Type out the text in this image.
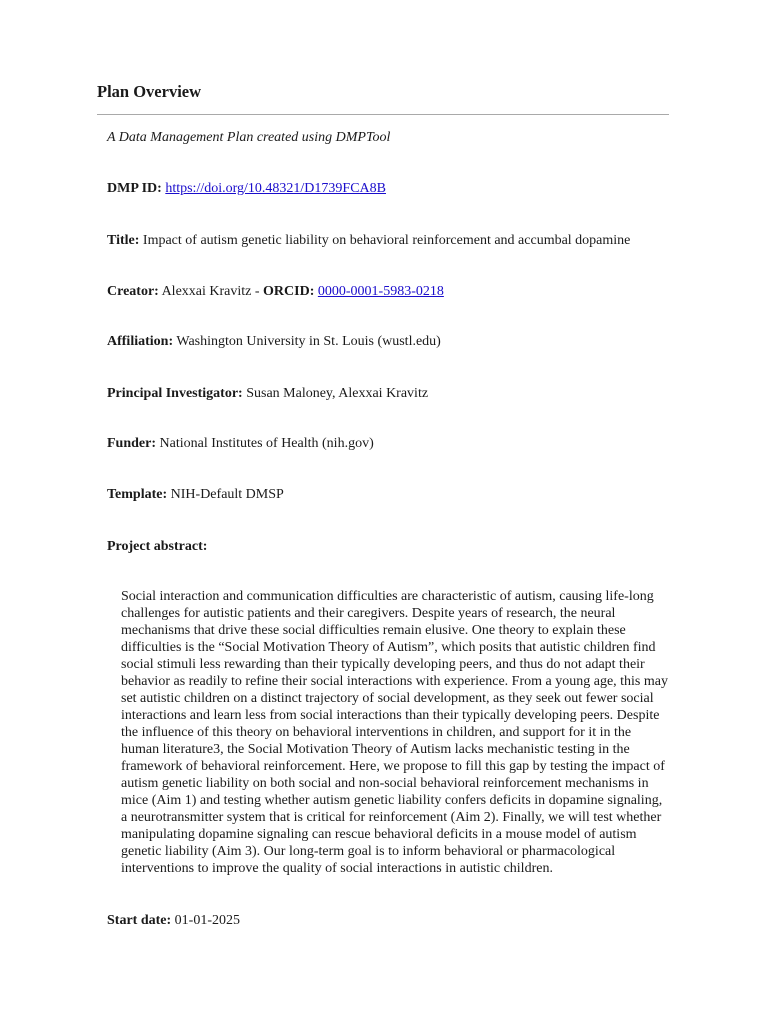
Plan Overview
A Data Management Plan created using DMPTool
DMP ID: https://doi.org/10.48321/D1739FCA8B
Title: Impact of autism genetic liability on behavioral reinforcement and accumbal dopamine
Creator: Alexxai Kravitz - ORCID: 0000-0001-5983-0218
Affiliation: Washington University in St. Louis (wustl.edu)
Principal Investigator: Susan Maloney, Alexxai Kravitz
Funder: National Institutes of Health (nih.gov)
Template: NIH-Default DMSP
Project abstract:

Social interaction and communication difficulties are characteristic of autism, causing life-long challenges for autistic patients and their caregivers. Despite years of research, the neural mechanisms that drive these social difficulties remain elusive. One theory to explain these difficulties is the “Social Motivation Theory of Autism”, which posits that autistic children find social stimuli less rewarding than their typically developing peers, and thus do not adapt their behavior as readily to refine their social interactions with experience. From a young age, this may set autistic children on a distinct trajectory of social development, as they seek out fewer social interactions and learn less from social interactions than their typically developing peers. Despite the influence of this theory on behavioral interventions in children, and support for it in the human literature3, the Social Motivation Theory of Autism lacks mechanistic testing in the framework of behavioral reinforcement. Here, we propose to fill this gap by testing the impact of autism genetic liability on both social and non-social behavioral reinforcement mechanisms in mice (Aim 1) and testing whether autism genetic liability confers deficits in dopamine signaling, a neurotransmitter system that is critical for reinforcement (Aim 2). Finally, we will test whether manipulating dopamine signaling can rescue behavioral deficits in a mouse model of autism genetic liability (Aim 3). Our long-term goal is to inform behavioral or pharmacological interventions to improve the quality of social interactions in autistic children.

Start date: 01-01-2025
